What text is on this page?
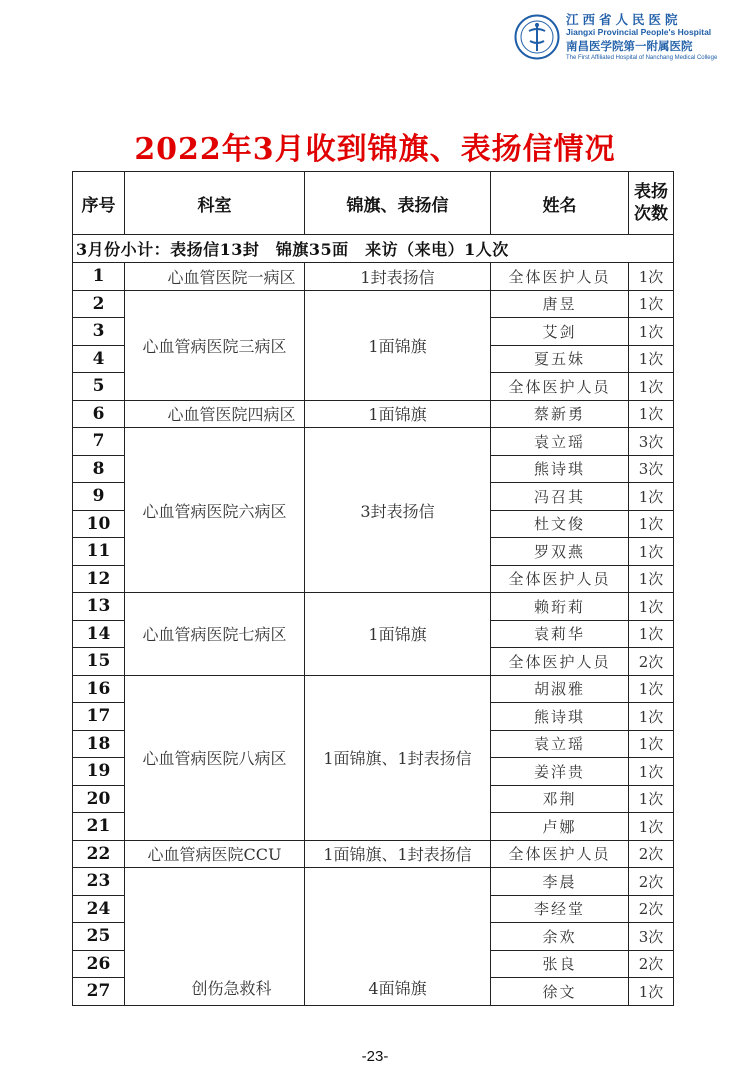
江西省人民医院
Jiangxi Provincial People's Hospital
南昌医学院第一附属医院
The First Affiliated Hospital of Nanchang Medical College
2022年3月收到锦旗、表扬信情况
序号	科室	锦旗、表扬信	姓名	表扬次数
3月份小计：表扬信13封　锦旗35面　来访（来电）1人次				
1	心血管医院一病区	1封表扬信	全体医护人员	1次
2	心血管病医院三病区	1面锦旗	唐昱	1次
3			艾剑	1次
4			夏五妹	1次
5			全体医护人员	1次
6	心血管医院四病区	1面锦旗	蔡新勇	1次
7	心血管病医院六病区	3封表扬信	袁立瑶	3次
8			熊诗琪	3次
9			冯召其	1次
10			杜文俊	1次
11			罗双燕	1次
12			全体医护人员	1次
13	心血管病医院七病区	1面锦旗	赖珩莉	1次
14			袁莉华	1次
15			全体医护人员	2次
16	心血管病医院八病区	1面锦旗、1封表扬信	胡淑雅	1次
17			熊诗琪	1次
18			袁立瑶	1次
19			姜洋贵	1次
20			邓荆	1次
21			卢娜	1次
22	心血管病医院CCU	1面锦旗、1封表扬信	全体医护人员	2次
23	创伤急救科	4面锦旗	李晨	2次
24			李经堂	2次
25			余欢	3次
26			张良	2次
27			徐文	1次
-23-
